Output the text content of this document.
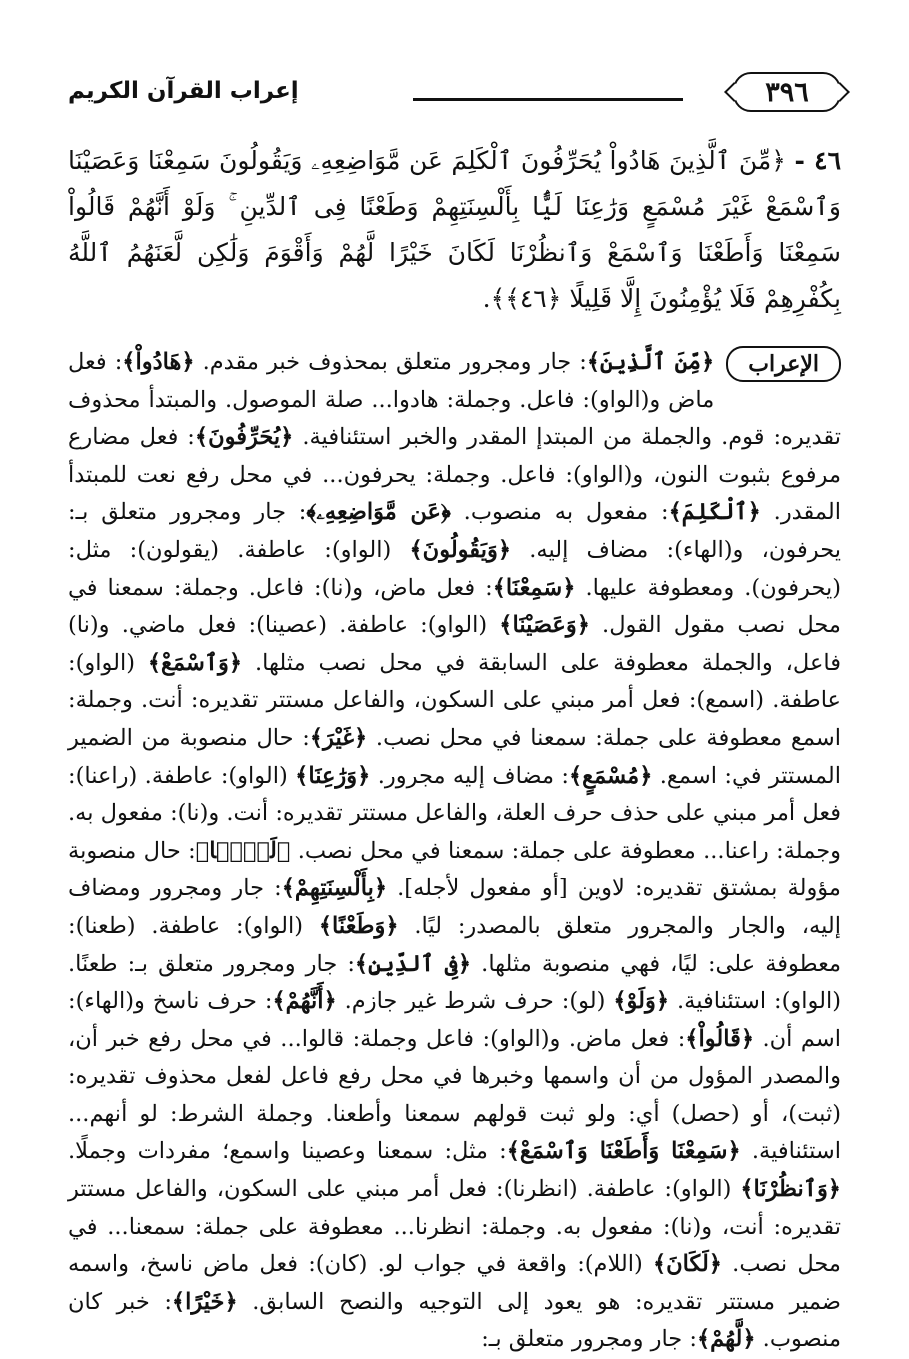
٣٩٦
إعراب القرآن الكريم
٤٦ - ﴿مِّنَ ٱلَّذِينَ هَادُواْ يُحَرِّفُونَ ٱلْكَلِمَ عَن مَّوَاضِعِهِۦ وَيَقُولُونَ سَمِعْنَا وَعَصَيْنَا وَٱسْمَعْ غَيْرَ مُسْمَعٍ وَرَٰعِنَا لَيًّۢا بِأَلْسِنَتِهِمْ وَطَعْنًا فِى ٱلدِّينِ ۚ وَلَوْ أَنَّهُمْ قَالُواْ سَمِعْنَا وَأَطَعْنَا وَٱسْمَعْ وَٱنظُرْنَا لَكَانَ خَيْرًا لَّهُمْ وَأَقْوَمَ وَلَٰكِن لَّعَنَهُمُ ٱللَّهُ بِكُفْرِهِمْ فَلَا يُؤْمِنُونَ إِلَّا قَلِيلًا ﴿٤٦﴾﴾.
الإعراب

﴿مِّنَ ٱلَّذِينَ﴾: جار ومجرور متعلق بمحذوف خبر مقدم. ﴿هَادُواْ﴾: فعل ماض و(الواو): فاعل. وجملة: هادوا... صلة الموصول. والمبتدأ محذوف تقديره: قوم. والجملة من المبتدإ المقدر والخبر استئنافية. ﴿يُحَرِّفُونَ﴾: فعل مضارع مرفوع بثبوت النون، و(الواو): فاعل. وجملة: يحرفون... في محل رفع نعت للمبتدأ المقدر. ﴿ٱلْكَلِمَ﴾: مفعول به منصوب. ﴿عَن مَّوَاضِعِهِۦ﴾: جار ومجرور متعلق بـ: يحرفون، و(الهاء): مضاف إليه. ﴿وَيَقُولُونَ﴾ (الواو): عاطفة. (يقولون): مثل: (يحرفون). ومعطوفة عليها. ﴿سَمِعْنَا﴾: فعل ماض، و(نا): فاعل. وجملة: سمعنا في محل نصب مقول القول. ﴿وَعَصَيْنَا﴾ (الواو): عاطفة. (عصينا): فعل ماضي. و(نا) فاعل، والجملة معطوفة على السابقة في محل نصب مثلها. ﴿وَٱسْمَعْ﴾ (الواو): عاطفة. (اسمع): فعل أمر مبني على السكون، والفاعل مستتر تقديره: أنت. وجملة: اسمع معطوفة على جملة: سمعنا في محل نصب. ﴿غَيْرَ﴾: حال منصوبة من الضمير المستتر في: اسمع. ﴿مُسْمَعٍ﴾: مضاف إليه مجرور. ﴿وَرَٰعِنَا﴾ (الواو): عاطفة. (راعنا): فعل أمر مبني على حذف حرف العلة، والفاعل مستتر تقديره: أنت. و(نا): مفعول به. وجملة: راعنا... معطوفة على جملة: سمعنا في محل نصب. ﴿لَيًّۢا﴾: حال منصوبة مؤولة بمشتق تقديره: لاوين [أو مفعول لأجله]. ﴿بِأَلْسِنَتِهِمْ﴾: جار ومجرور ومضاف إليه، والجار والمجرور متعلق بالمصدر: ليًا. ﴿وَطَعْنًا﴾ (الواو): عاطفة. (طعنا): معطوفة على: ليًا، فهي منصوبة مثلها. ﴿فِى ٱلدِّينِ﴾: جار ومجرور متعلق بـ: طعنًا. (الواو): استئنافية. ﴿وَلَوْ﴾ (لو): حرف شرط غير جازم. ﴿أَنَّهُمْ﴾: حرف ناسخ و(الهاء): اسم أن. ﴿قَالُواْ﴾: فعل ماض. و(الواو): فاعل وجملة: قالوا... في محل رفع خبر أن، والمصدر المؤول من أن واسمها وخبرها في محل رفع فاعل لفعل محذوف تقديره: (ثبت)، أو (حصل) أي: ولو ثبت قولهم سمعنا وأطعنا. وجملة الشرط: لو أنهم... استئنافية. ﴿سَمِعْنَا وَأَطَعْنَا وَٱسْمَعْ﴾: مثل: سمعنا وعصينا واسمع؛ مفردات وجملًا. ﴿وَٱنظُرْنَا﴾ (الواو): عاطفة. (انظرنا): فعل أمر مبني على السكون، والفاعل مستتر تقديره: أنت، و(نا): مفعول به. وجملة: انظرنا... معطوفة على جملة: سمعنا... في محل نصب. ﴿لَكَانَ﴾ (اللام): واقعة في جواب لو. (كان): فعل ماض ناسخ، واسمه ضمير مستتر تقديره: هو يعود إلى التوجيه والنصح السابق. ﴿خَيْرًا﴾: خبر كان منصوب. ﴿لَّهُمْ﴾: جار ومجرور متعلق بـ:
